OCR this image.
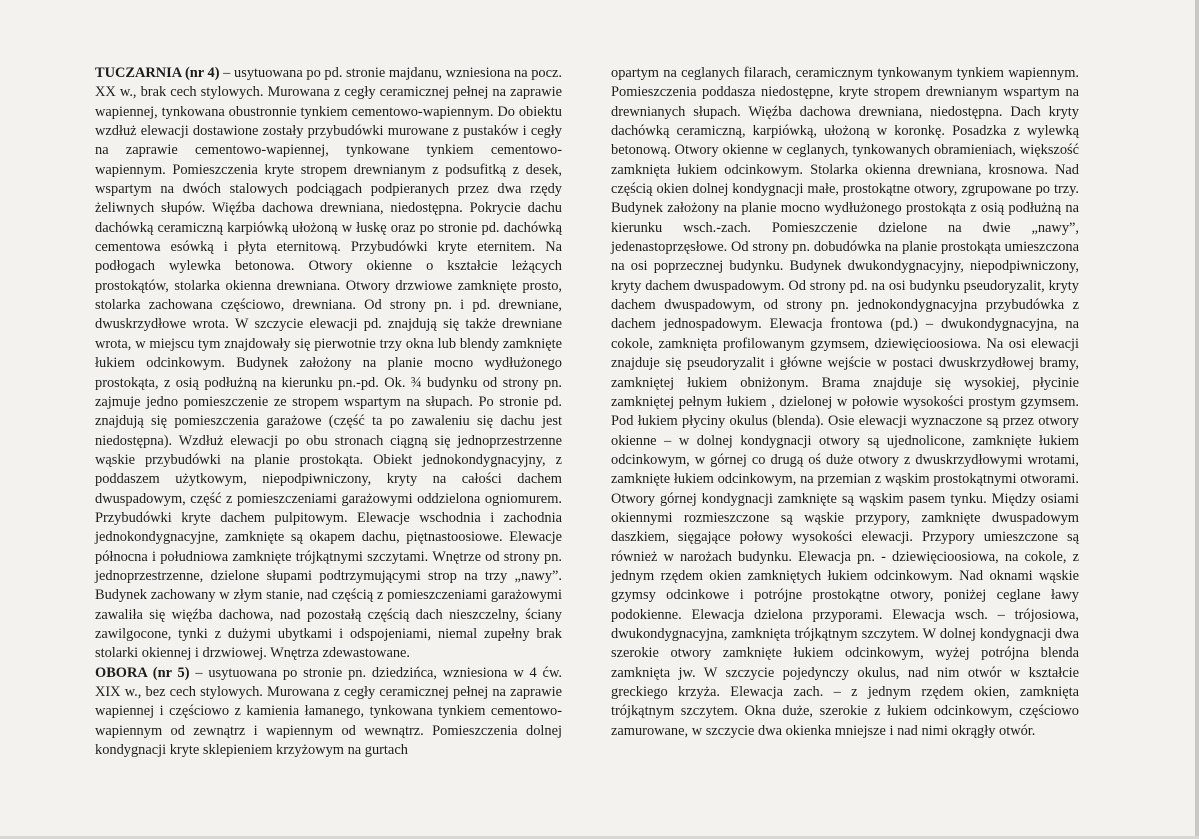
TUCZARNIA (nr 4) – usytuowana po pd. stronie majdanu, wzniesiona na pocz. XX w., brak cech stylowych. Murowana z cegły ceramicznej pełnej na zaprawie wapiennej, tynkowana obustronnie tynkiem cementowo-wapiennym. Do obiektu wzdłuż elewacji dostawione zostały przybudówki murowane z pustaków i cegły na zaprawie cementowo-wapiennej, tynkowane tynkiem cementowo-wapiennym. Pomieszczenia kryte stropem drewnianym z podsufitką z desek, wspartym na dwóch stalowych podciągach podpieranych przez dwa rzędy żeliwnych słupów. Więźba dachowa drewniana, niedostępna. Pokrycie dachu dachówką ceramiczną karpiówką ułożoną w łuskę oraz po stronie pd. dachówką cementowa esówką i płyta eternitową. Przybudówki kryte eternitem. Na podłogach wylewka betonowa. Otwory okienne o kształcie leżących prostokątów, stolarka okienna drewniana. Otwory drzwiowe zamknięte prosto, stolarka zachowana częściowo, drewniana. Od strony pn. i pd. drewniane, dwuskrzydłowe wrota. W szczycie elewacji pd. znajdują się także drewniane wrota, w miejscu tym znajdowały się pierwotnie trzy okna lub blendy zamknięte łukiem odcinkowym. Budynek założony na planie mocno wydłużonego prostokąta, z osią podłużną na kierunku pn.-pd. Ok. ¾ budynku od strony pn. zajmuje jedno pomieszczenie ze stropem wspartym na słupach. Po stronie pd. znajdują się pomieszczenia garażowe (część ta po zawaleniu się dachu jest niedostępna). Wzdłuż elewacji po obu stronach ciągną się jednoprzestrzenne wąskie przybudówki na planie prostokąta. Obiekt jednokondygnacyjny, z poddaszem użytkowym, niepodpiwniczony, kryty na całości dachem dwuspadowym, część z pomieszczeniami garażowymi oddzielona ogniomurem. Przybudówki kryte dachem pulpitowym. Elewacje wschodnia i zachodnia jednokondygnacyjne, zamknięte są okapem dachu, piętnastoosiowe. Elewacje północna i południowa zamknięte trójkątnymi szczytami. Wnętrze od strony pn. jednoprzestrzenne, dzielone słupami podtrzymującymi strop na trzy „nawy”. Budynek zachowany w złym stanie, nad częścią z pomieszczeniami garażowymi zawaliła się więźba dachowa, nad pozostałą częścią dach nieszczelny, ściany zawilgocone, tynki z dużymi ubytkami i odspojeniami, niemal zupełny brak stolarki okiennej i drzwiowej. Wnętrza zdewastowane.

OBORA (nr 5) – usytuowana po stronie pn. dziedzińca, wzniesiona w 4 ćw. XIX w., bez cech stylowych. Murowana z cegły ceramicznej pełnej na zaprawie wapiennej i częściowo z kamienia łamanego, tynkowana tynkiem cementowo-wapiennym od zewnątrz i wapiennym od wewnątrz. Pomieszczenia dolnej kondygnacji kryte sklepieniem krzyżowym na gurtach

opartym na ceglanych filarach, ceramicznym tynkowanym tynkiem wapiennym. Pomieszczenia poddasza niedostępne, kryte stropem drewnianym wspartym na drewnianych słupach. Więźba dachowa drewniana, niedostępna. Dach kryty dachówką ceramiczną, karpiówką, ułożoną w koronkę. Posadzka z wylewką betonową. Otwory okienne w ceglanych, tynkowanych obramieniach, większość zamknięta łukiem odcinkowym. Stolarka okienna drewniana, krosnowa. Nad częścią okien dolnej kondygnacji małe, prostokątne otwory, zgrupowane po trzy. Budynek założony na planie mocno wydłużonego prostokąta z osią podłużną na kierunku wsch.-zach. Pomieszczenie dzielone na dwie „nawy”, jedenastoprzęsłowe. Od strony pn. dobudówka na planie prostokąta umieszczona na osi poprzecznej budynku. Budynek dwukondygnacyjny, niepodpiwniczony, kryty dachem dwuspadowym. Od strony pd. na osi budynku pseudoryzalit, kryty dachem dwuspadowym, od strony pn. jednokondygnacyjna przybudówka z dachem jednospadowym. Elewacja frontowa (pd.) – dwukondygnacyjna, na cokole, zamknięta profilowanym gzymsem, dziewięcioosiowa. Na osi elewacji znajduje się pseudoryzalit i główne wejście w postaci dwuskrzydłowej bramy, zamkniętej łukiem obniżonym. Brama znajduje się wysokiej, płycinie zamkniętej pełnym łukiem , dzielonej w połowie wysokości prostym gzymsem. Pod łukiem płyciny okulus (blenda). Osie elewacji wyznaczone są przez otwory okienne – w dolnej kondygnacji otwory są ujednolicone, zamknięte łukiem odcinkowym, w górnej co drugą oś duże otwory z dwuskrzydłowymi wrotami, zamknięte łukiem odcinkowym, na przemian z wąskim prostokątnymi otworami. Otwory górnej kondygnacji zamknięte są wąskim pasem tynku. Między osiami okiennymi rozmieszczone są wąskie przypory, zamknięte dwuspadowym daszkiem, sięgające połowy wysokości elewacji. Przypory umieszczone są również w narożach budynku. Elewacja pn. - dziewięcioosiowa, na cokole, z jednym rzędem okien zamkniętych łukiem odcinkowym. Nad oknami wąskie gzymsy odcinkowe i potrójne prostokątne otwory, poniżej ceglane ławy podokienne. Elewacja dzielona przyporami. Elewacja wsch. – trójosiowa, dwukondygnacyjna, zamknięta trójkątnym szczytem. W dolnej kondygnacji dwa szerokie otwory zamknięte łukiem odcinkowym, wyżej potrójna blenda zamknięta jw. W szczycie pojedynczy okulus, nad nim otwór w kształcie greckiego krzyża. Elewacja zach. – z jednym rzędem okien, zamknięta trójkątnym szczytem. Okna duże, szerokie z łukiem odcinkowym, częściowo zamurowane, w szczycie dwa okienka mniejsze i nad nimi okrągły otwór.
